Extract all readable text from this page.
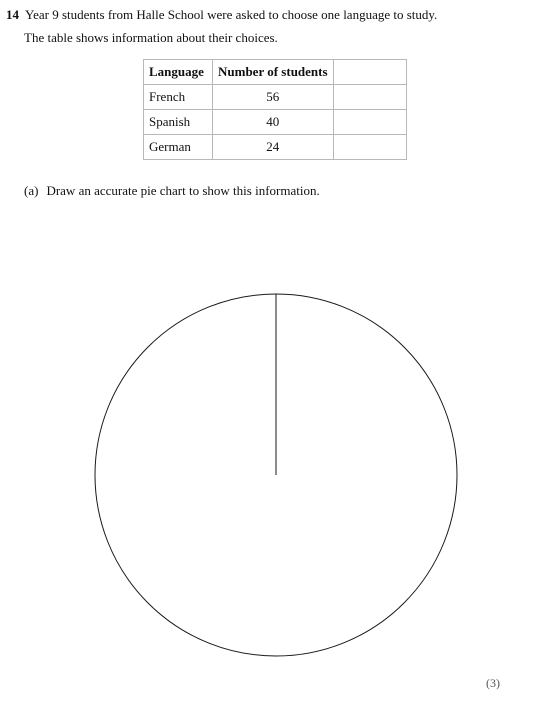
14 Year 9 students from Halle School were asked to choose one language to study.
The table shows information about their choices.
Language	Number of students	
French	56	
Spanish	40	
German	24	
(a) Draw an accurate pie chart to show this information.
(3)
